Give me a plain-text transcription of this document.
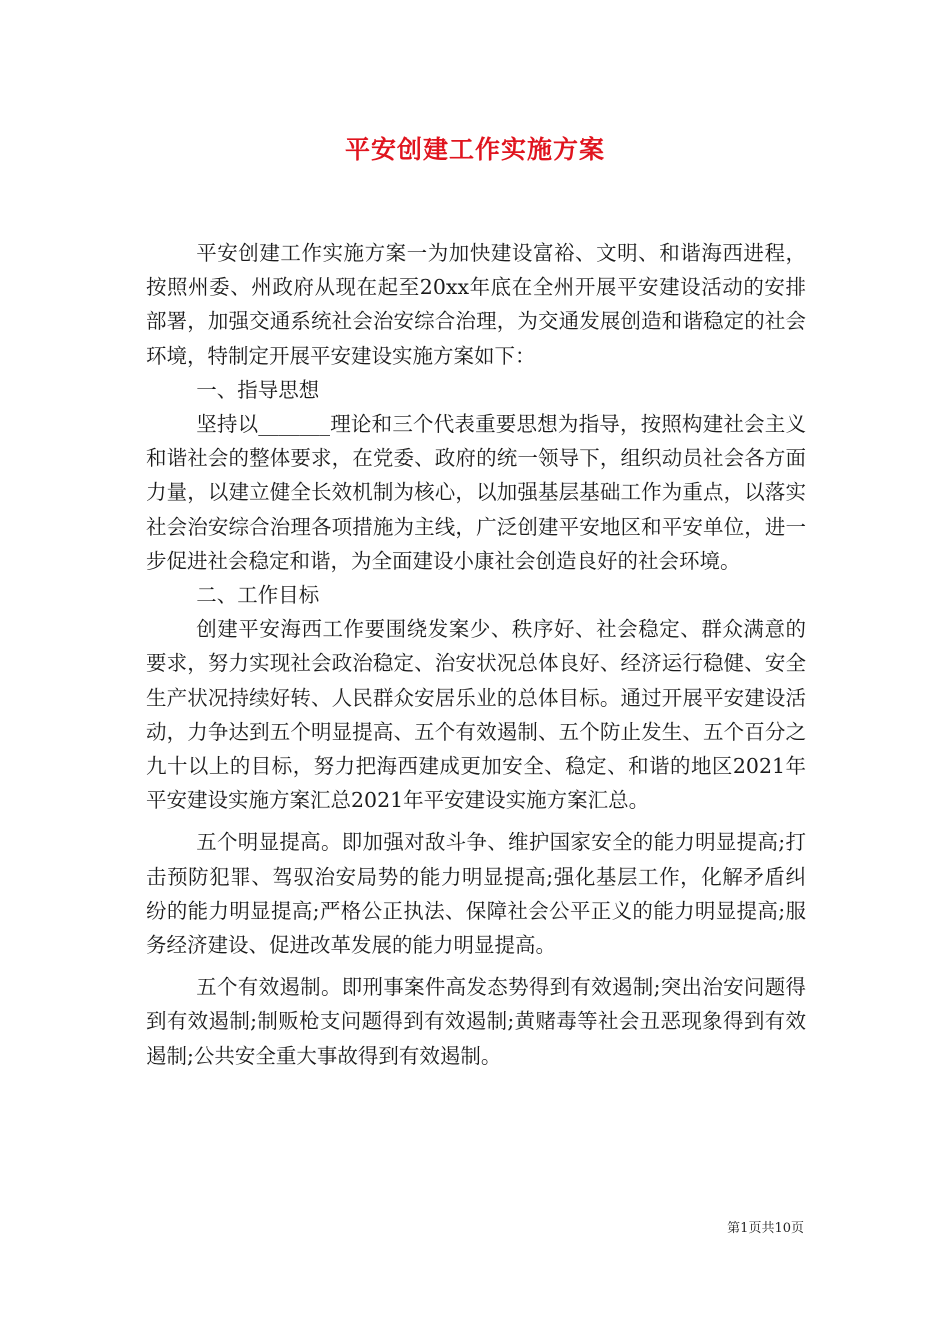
平安创建工作实施方案

平安创建工作实施方案一为加快建设富裕、文明、和谐海西进程，按照州委、州政府从现在起至20xx年底在全州开展平安建设活动的安排部署，加强交通系统社会治安综合治理，为交通发展创造和谐稳定的社会环境，特制定开展平安建设实施方案如下：

一、指导思想

坚持以_______理论和三个代表重要思想为指导，按照构建社会主义和谐社会的整体要求，在党委、政府的统一领导下，组织动员社会各方面力量，以建立健全长效机制为核心，以加强基层基础工作为重点，以落实社会治安综合治理各项措施为主线，广泛创建平安地区和平安单位，进一步促进社会稳定和谐，为全面建设小康社会创造良好的社会环境。

二、工作目标

创建平安海西工作要围绕发案少、秩序好、社会稳定、群众满意的要求，努力实现社会政治稳定、治安状况总体良好、经济运行稳健、安全生产状况持续好转、人民群众安居乐业的总体目标。通过开展平安建设活动，力争达到五个明显提高、五个有效遏制、五个防止发生、五个百分之九十以上的目标，努力把海西建成更加安全、稳定、和谐的地区2021年平安建设实施方案汇总2021年平安建设实施方案汇总。

五个明显提高。即加强对敌斗争、维护国家安全的能力明显提高;打击预防犯罪、驾驭治安局势的能力明显提高;强化基层工作，化解矛盾纠纷的能力明显提高;严格公正执法、保障社会公平正义的能力明显提高;服务经济建设、促进改革发展的能力明显提高。

五个有效遏制。即刑事案件高发态势得到有效遏制;突出治安问题得到有效遏制;制贩枪支问题得到有效遏制;黄赌毒等社会丑恶现象得到有效遏制;公共安全重大事故得到有效遏制。

第1页共10页
